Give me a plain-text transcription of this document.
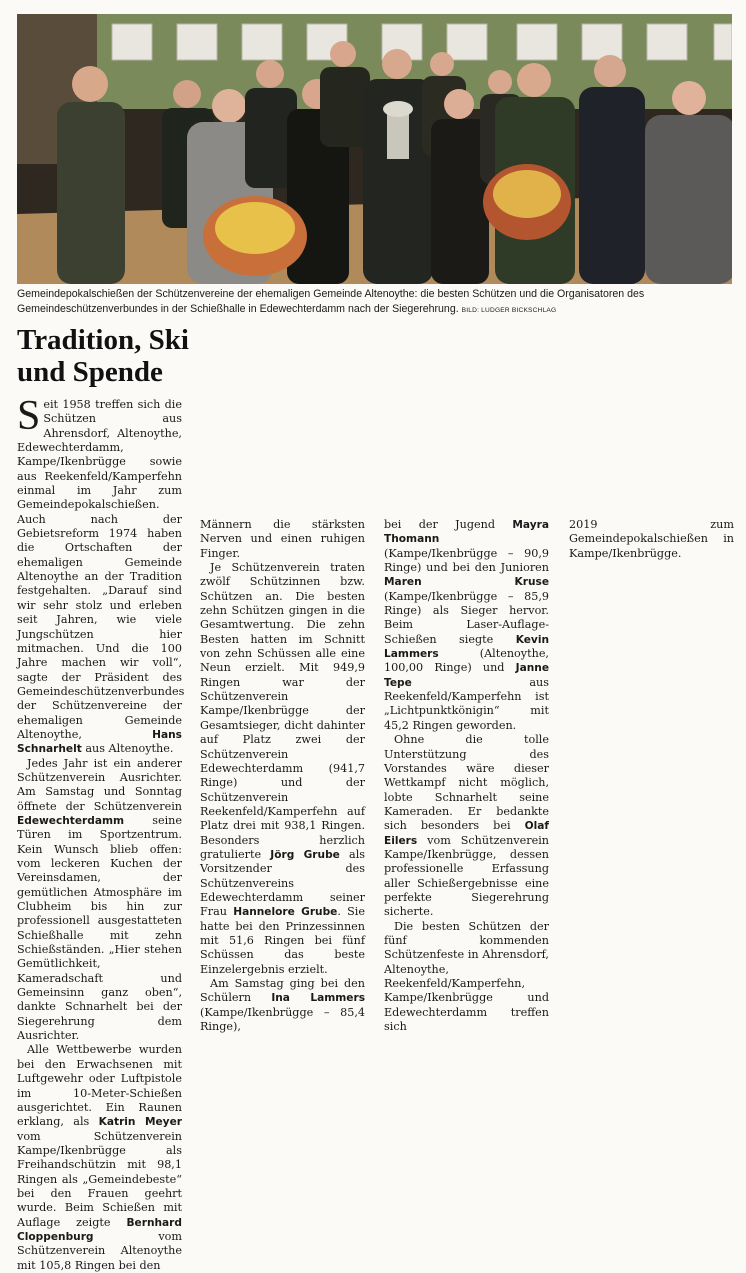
Gemeindepokalschießen der Schützenvereine der ehemaligen Gemeinde Altenoythe: die besten Schützen und die Organisatoren des Gemeindeschützenverbundes in der Schießhalle in Edewechterdamm nach der Siegerehrung. BILD: LUDGER BICKSCHLAG
Tradition, Ski und Spende

Seit 1958 treffen sich die Schützen aus Ahrensdorf, Altenoythe, Edewechterdamm, Kampe/Ikenbrügge sowie aus Reekenfeld/Kamperfehn einmal im Jahr zum Gemeindepokalschießen. Auch nach der Gebietsreform 1974 haben die Ortschaften der ehemaligen Gemeinde Altenoythe an der Tradition festgehalten. „Darauf sind wir sehr stolz und erleben seit Jahren, wie viele Jungschützen hier mitmachen. Und die 100 Jahre machen wir voll“, sagte der Präsident des Gemeindeschützenverbundes der Schützenvereine der ehemaligen Gemeinde Altenoythe,	Hans Schnarhelt aus Altenoythe.

Jedes Jahr ist ein anderer Schützenverein Ausrichter. Am Samstag und Sonntag öffnete der Schützenverein Edewechterdamm seine Türen im Sportzentrum. Kein Wunsch blieb offen: vom leckeren Kuchen der Vereinsdamen, der gemütlichen Atmosphäre im Clubheim bis hin zur professionell ausgestatteten Schießhalle mit zehn Schießständen. „Hier stehen Gemütlichkeit, Kameradschaft und Gemeinsinn ganz oben“, dankte Schnarhelt bei der Siegerehrung dem Ausrichter.

Alle Wettbewerbe wurden bei den Erwachsenen mit Luftgewehr oder Luftpistole im 10-Meter-Schießen ausgerichtet. Ein Raunen erklang, als Katrin Meyer vom Schützenverein Kampe/Ikenbrügge als Freihandschützin mit 98,1 Ringen als „Gemeindebeste“ bei den Frauen geehrt wurde. Beim Schießen mit Auflage zeigte Bernhard Cloppenburg vom Schützenverein Altenoythe mit 105,8 Ringen bei den

Männern die stärksten Nerven und einen ruhigen Finger.

Je Schützenverein traten zwölf Schützinnen bzw. Schützen an. Die besten zehn Schützen gingen in die Gesamtwertung. Die zehn Besten hatten im Schnitt von zehn Schüssen alle eine Neun erzielt. Mit 949,9 Ringen war der Schützenverein Kampe/Ikenbrügge der Gesamtsieger, dicht dahinter auf Platz zwei der Schützenverein Edewechterdamm (941,7 Ringe) und der Schützenverein Reekenfeld/Kamperfehn auf Platz drei mit 938,1 Ringen. Besonders herzlich gratulierte Jörg Grube als Vorsitzender des Schützenvereins Edewechterdamm seiner Frau Hannelore Grube. Sie hatte bei den Prinzessinnen mit 51,6 Ringen bei fünf Schüssen das beste Einzelergebnis erzielt.

Am Samstag ging bei den Schülern Ina Lammers (Kampe/Ikenbrügge – 85,4 Ringe),

bei der Jugend Mayra Thomann (Kampe/Ikenbrügge – 90,9 Ringe) und bei den Junioren Maren Kruse (Kampe/Ikenbrügge – 85,9 Ringe) als Sieger hervor. Beim Laser-Auflage-Schießen siegte Kevin Lammers (Altenoythe, 100,00 Ringe) und Janne Tepe aus Reekenfeld/Kamperfehn ist „Lichtpunktkönigin“ mit 45,2 Ringen geworden.

Ohne die tolle Unterstützung des Vorstandes wäre dieser Wettkampf nicht möglich, lobte Schnarhelt seine Kameraden. Er bedankte sich besonders bei Olaf Eilers vom Schützenverein Kampe/Ikenbrügge, dessen professionelle Erfassung aller Schießergebnisse eine perfekte Siegerehrung sicherte.

Die besten Schützen der fünf kommenden Schützenfeste in Ahrensdorf, Altenoythe, Reekenfeld/Kamperfehn, Kampe/Ikenbrügge und Edewechterdamm treffen sich

2019 zum Gemeindepokalschießen in Kampe/Ikenbrügge.
